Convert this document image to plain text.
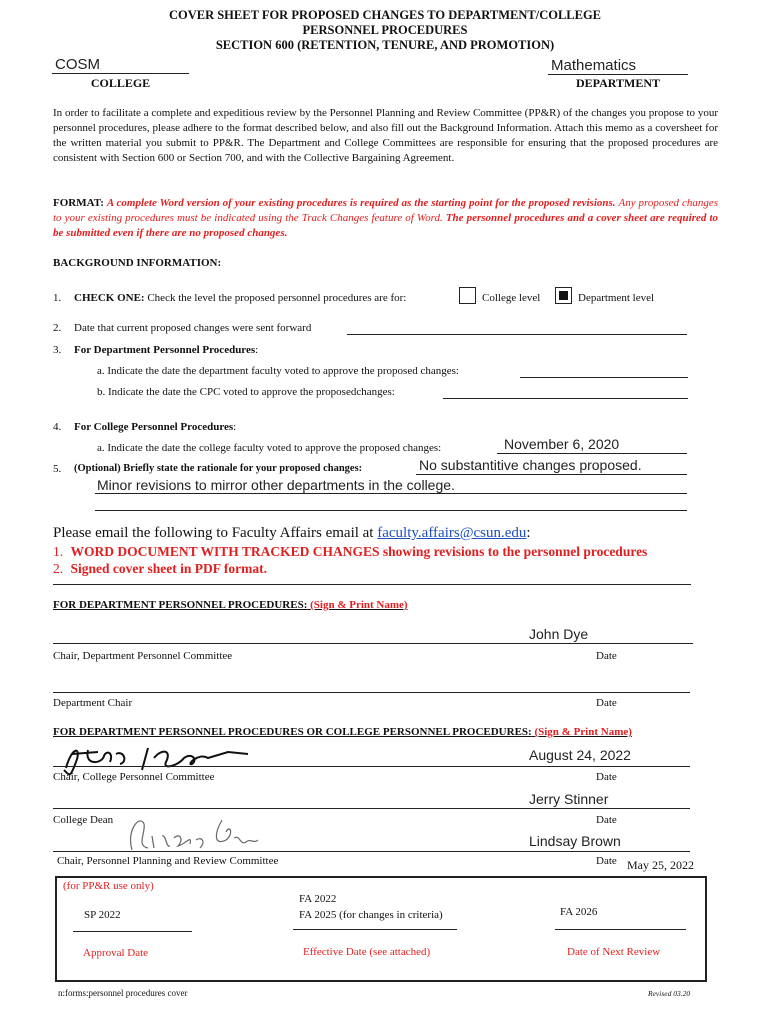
COVER SHEET FOR PROPOSED CHANGES TO DEPARTMENT/COLLEGE
PERSONNEL PROCEDURES
SECTION 600 (RETENTION, TENURE, AND PROMOTION)
COSM
COLLEGE
Mathematics
DEPARTMENT
In order to facilitate a complete and expeditious review by the Personnel Planning and Review Committee (PP&R) of the changes you propose to your personnel procedures, please adhere to the format described below, and also fill out the Background Information. Attach this memo as a coversheet for the written material you submit to PP&R. The Department and College Committees are responsible for ensuring that the proposed procedures are consistent with Section 600 or Section 700, and with the Collective Bargaining Agreement.
FORMAT: A complete Word version of your existing procedures is required as the starting point for the proposed revisions. Any proposed changes to your existing procedures must be indicated using the Track Changes feature of Word. The personnel procedures and a cover sheet are required to be submitted even if there are no proposed changes.
BACKGROUND INFORMATION:
1. CHECK ONE: Check the level the proposed personnel procedures are for:	College level	Department level
2. Date that current proposed changes were sent forward
3. For Department Personnel Procedures:
a. Indicate the date the department faculty voted to approve the proposed changes:
b. Indicate the date the CPC voted to approve the proposedchanges:
4. For College Personnel Procedures:
a. Indicate the date the college faculty voted to approve the proposed changes:	November 6, 2020
5. (Optional) Briefly state the rationale for your proposed changes:	No substantitive changes proposed.
Minor revisions to mirror other departments in the college.
Please email the following to Faculty Affairs email at faculty.affairs@csun.edu:
1. WORD DOCUMENT WITH TRACKED CHANGES showing revisions to the personnel procedures
2. Signed cover sheet in PDF format.
FOR DEPARTMENT PERSONNEL PROCEDURES: (Sign & Print Name)
John Dye
Chair, Department Personnel Committee	Date
Department Chair	Date
FOR DEPARTMENT PERSONNEL PROCEDURES OR COLLEGE PERSONNEL PROCEDURES: (Sign & Print Name)
August 24, 2022
Chair, College Personnel Committee	Date
Jerry Stinner
College Dean	Date
Lindsay Brown
Chair, Personnel Planning and Review Committee	Date May 25, 2022
(for PP&R use only)
SP 2022
Approval Date
FA 2022
FA 2025 (for changes in criteria)
Effective Date (see attached)
FA 2026
Date of Next Review
n:forms:personnel procedures cover	Revised 03.20
